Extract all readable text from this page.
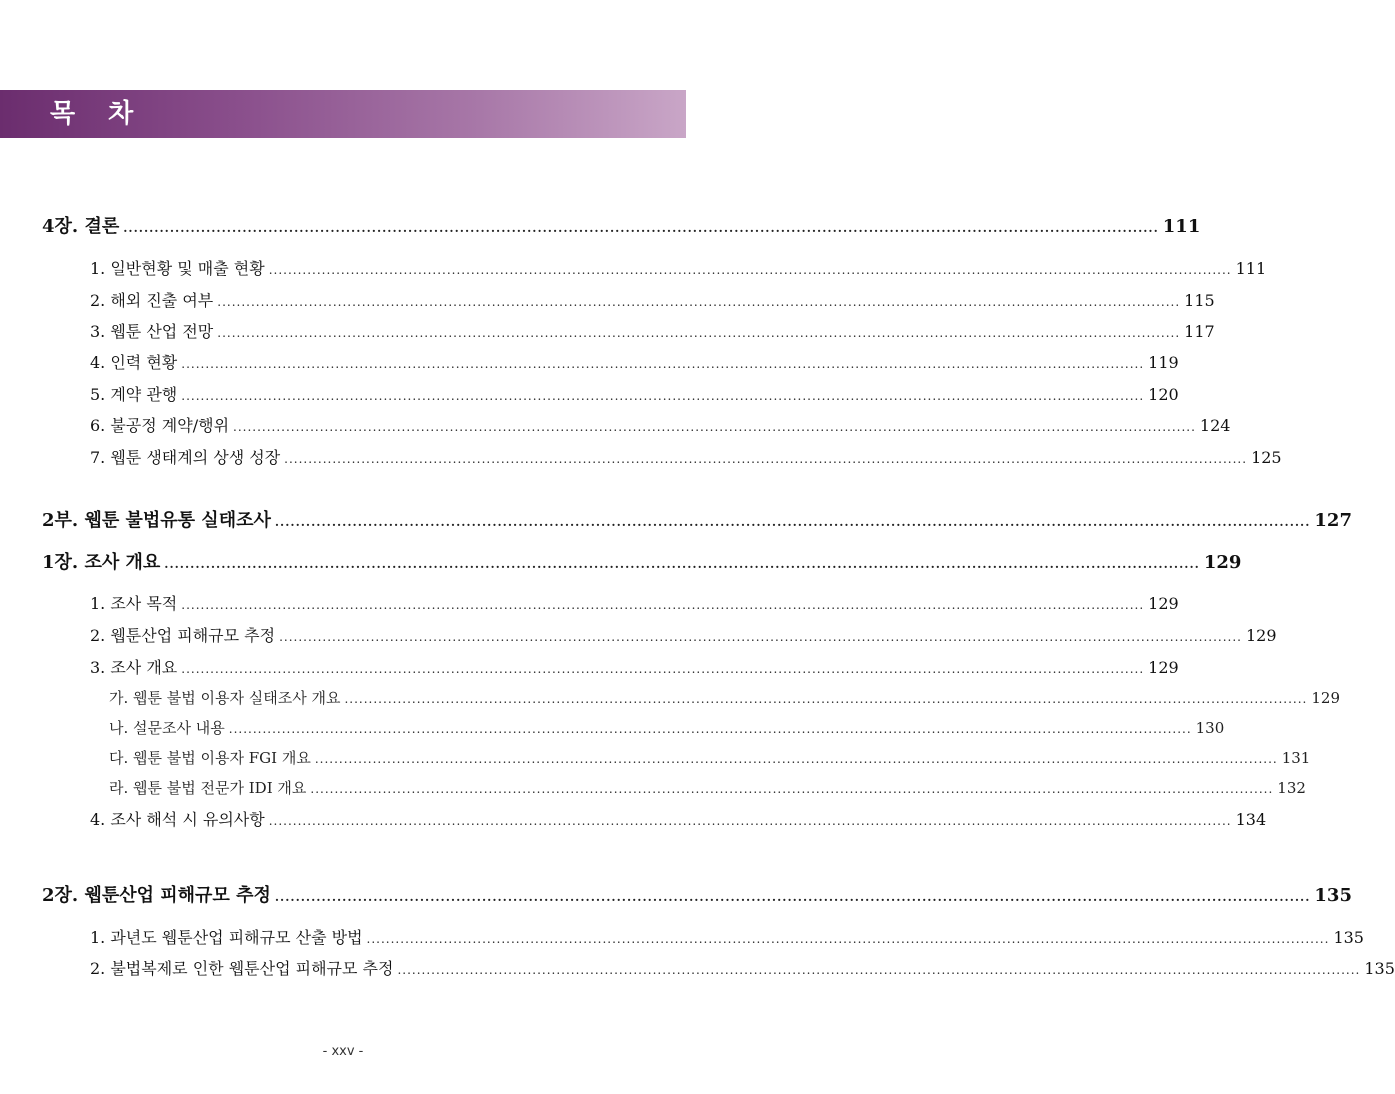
목 차
4장. 결론 ........................................................................................................................................................................................................ 111
1. 일반현황 및 매출 현황 ........................................................................................................................................................................................................ 111
2. 해외 진출 여부 ........................................................................................................................................................................................................ 115
3. 웹툰 산업 전망 ........................................................................................................................................................................................................ 117
4. 인력 현황 ........................................................................................................................................................................................................ 119
5. 계약 관행 ........................................................................................................................................................................................................ 120
6. 불공정 계약/행위 ........................................................................................................................................................................................................ 124
7. 웹툰 생태계의 상생 성장 ........................................................................................................................................................................................................ 125
2부. 웹툰 불법유통 실태조사 ........................................................................................................................................................................................................ 127
1장. 조사 개요 ........................................................................................................................................................................................................ 129
1. 조사 목적 ........................................................................................................................................................................................................ 129
2. 웹툰산업 피해규모 추정 ........................................................................................................................................................................................................ 129
3. 조사 개요 ........................................................................................................................................................................................................ 129
가. 웹툰 불법 이용자 실태조사 개요 ........................................................................................................................................................................................................ 129
나. 설문조사 내용 ........................................................................................................................................................................................................ 130
다. 웹툰 불법 이용자 FGI 개요 ........................................................................................................................................................................................................ 131
라. 웹툰 불법 전문가 IDI 개요 ........................................................................................................................................................................................................ 132
4. 조사 해석 시 유의사항 ........................................................................................................................................................................................................ 134
2장. 웹툰산업 피해규모 추정 ........................................................................................................................................................................................................ 135
1. 과년도 웹툰산업 피해규모 산출 방법 ........................................................................................................................................................................................................ 135
2. 불법복제로 인한 웹툰산업 피해규모 추정 ........................................................................................................................................................................................................ 135
- xxv -
